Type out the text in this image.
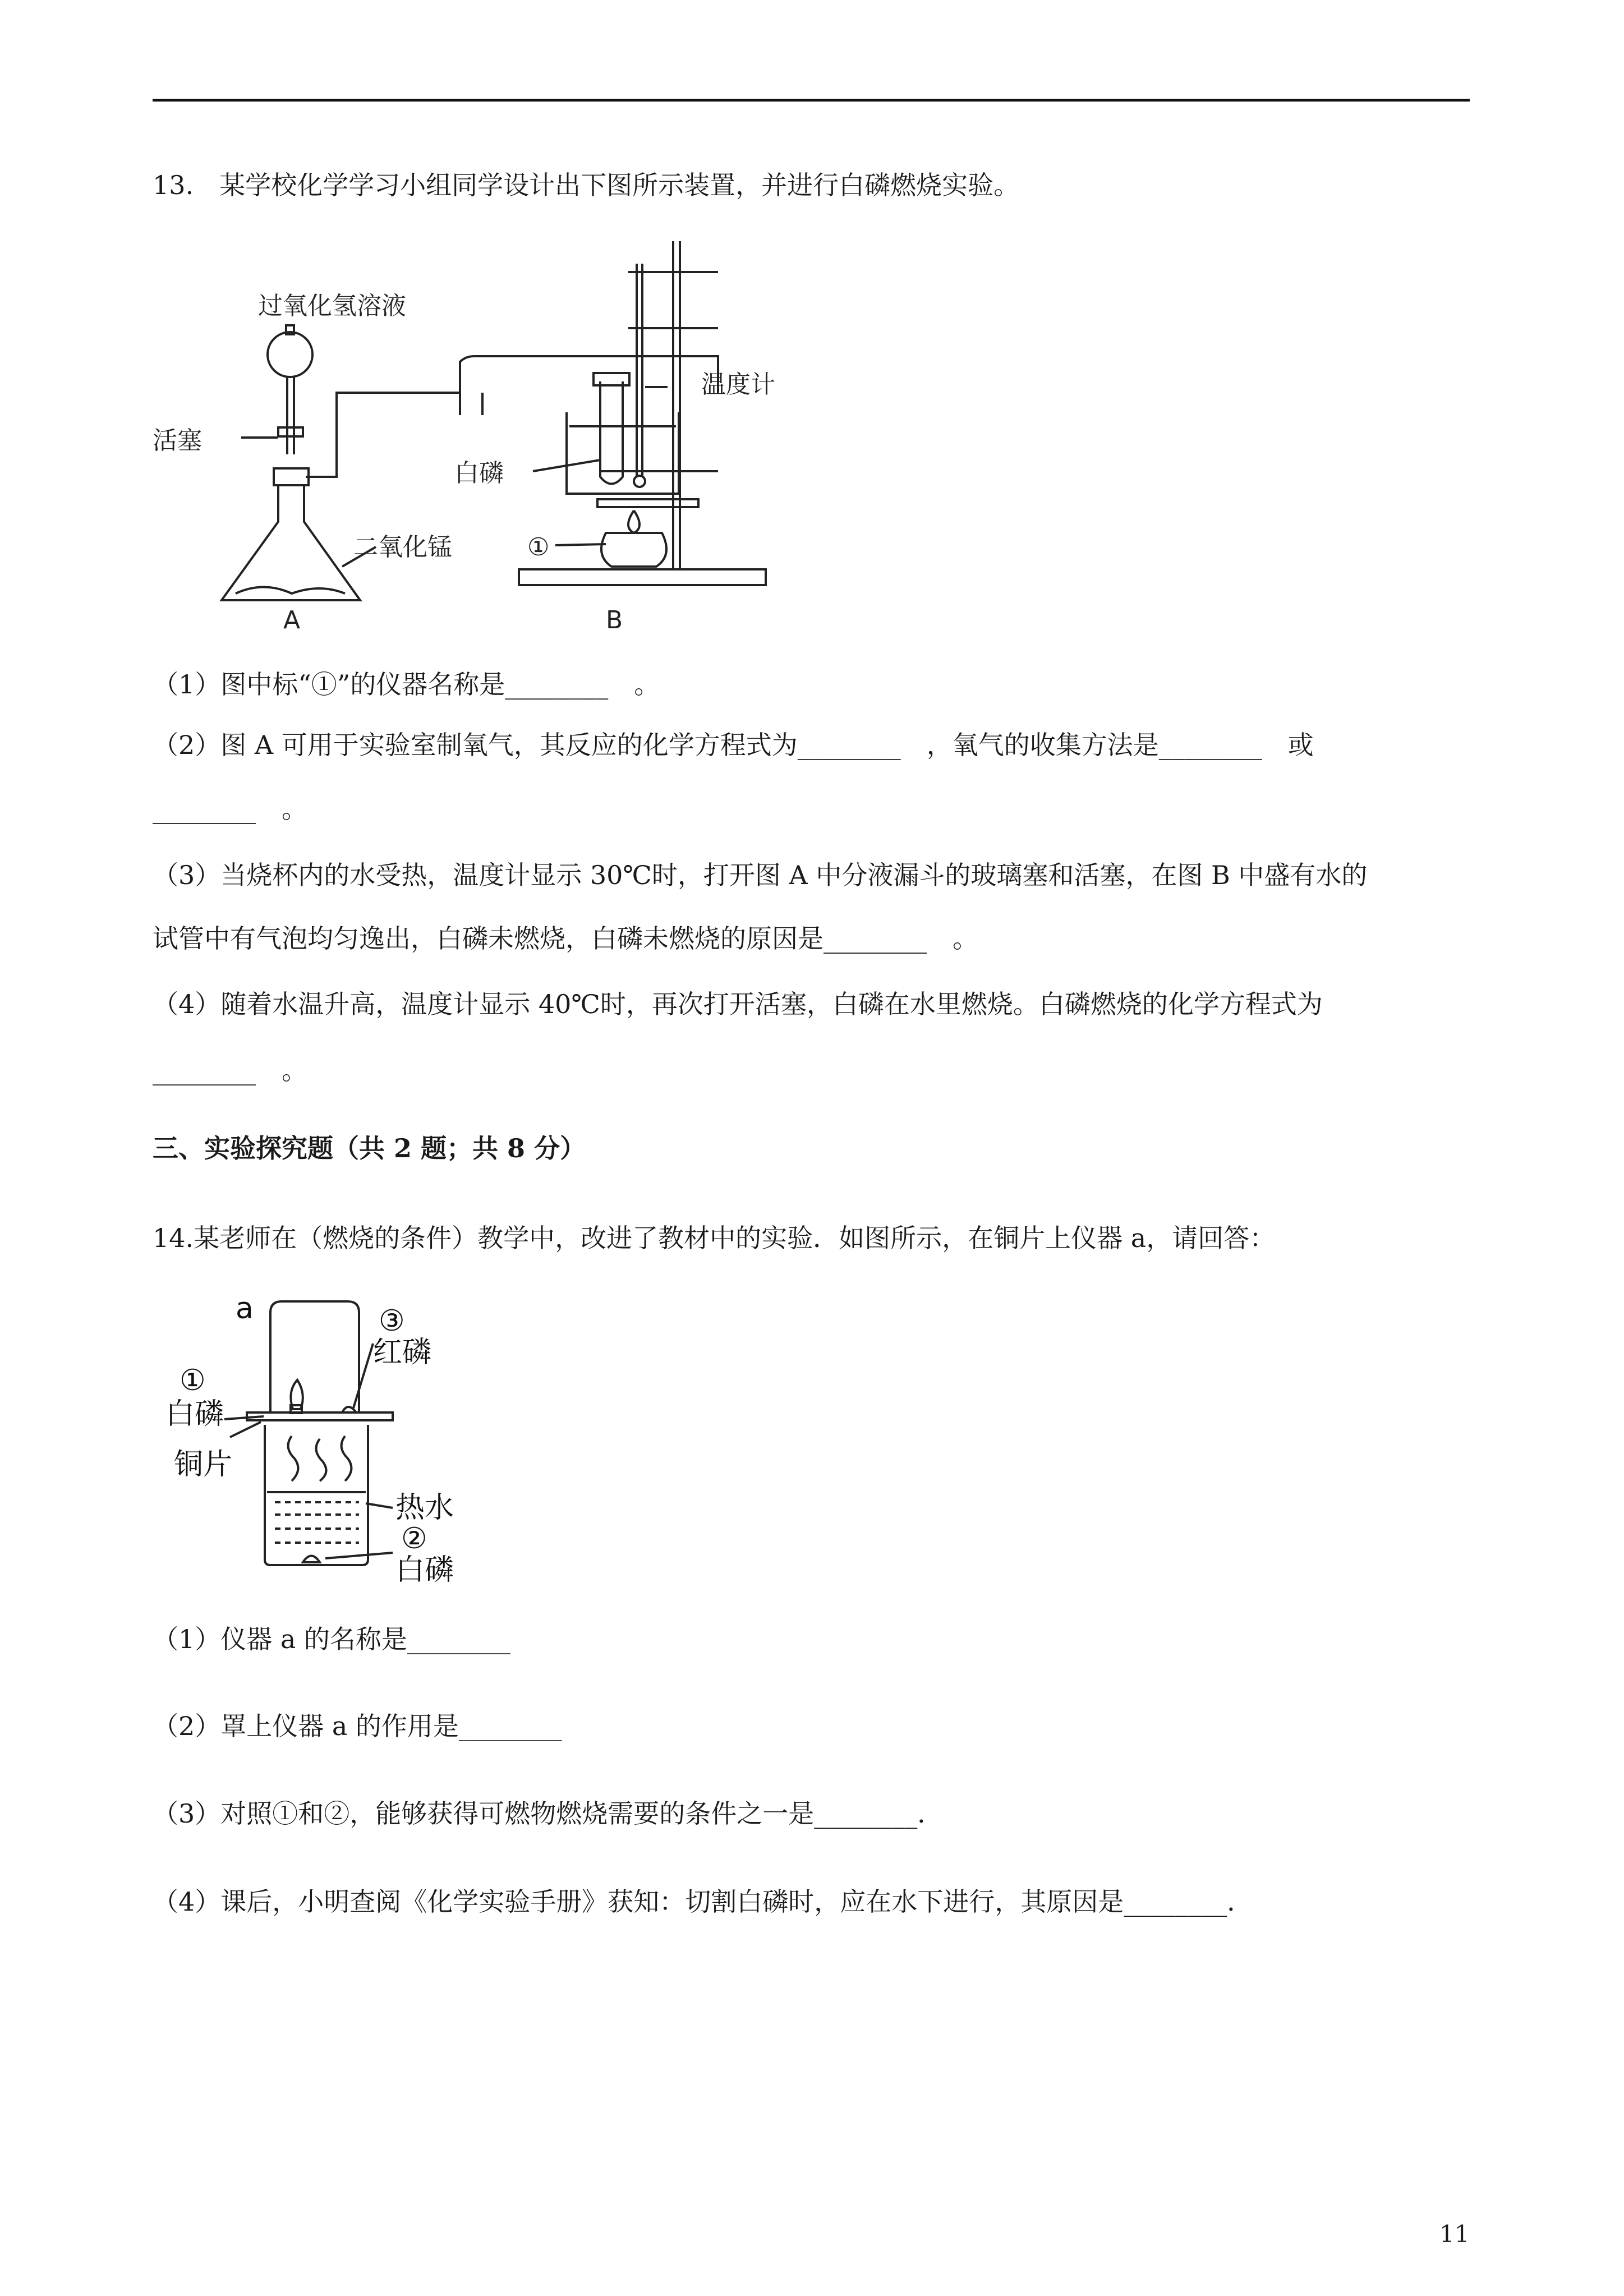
13.　某学校化学学习小组同学设计出下图所示装置，并进行白磷燃烧实验。
过氧化氢溶液
活塞
二氧化锰
温度计
白磷
①
A	B
（1）图中标“①”的仪器名称是________　。
（2）图 A 可用于实验室制氧气，其反应的化学方程式为________　，氧气的收集方法是________　或
________　。
（3）当烧杯内的水受热，温度计显示 30℃时，打开图 A 中分液漏斗的玻璃塞和活塞，在图 B 中盛有水的
试管中有气泡均匀逸出，白磷未燃烧，白磷未燃烧的原因是________　。
（4）随着水温升高，温度计显示 40℃时，再次打开活塞，白磷在水里燃烧。白磷燃烧的化学方程式为
________　。
三、实验探究题（共 2 题；共 8 分）
14.某老师在（燃烧的条件）教学中，改进了教材中的实验．如图所示，在铜片上仪器 a，请回答：
a
①
白磷
③
红磷
铜片
热水
②
白磷
（1）仪器 a 的名称是________
（2）罩上仪器 a 的作用是________
（3）对照①和②，能够获得可燃物燃烧需要的条件之一是________．
（4）课后，小明查阅《化学实验手册》获知：切割白磷时，应在水下进行，其原因是________．
11
